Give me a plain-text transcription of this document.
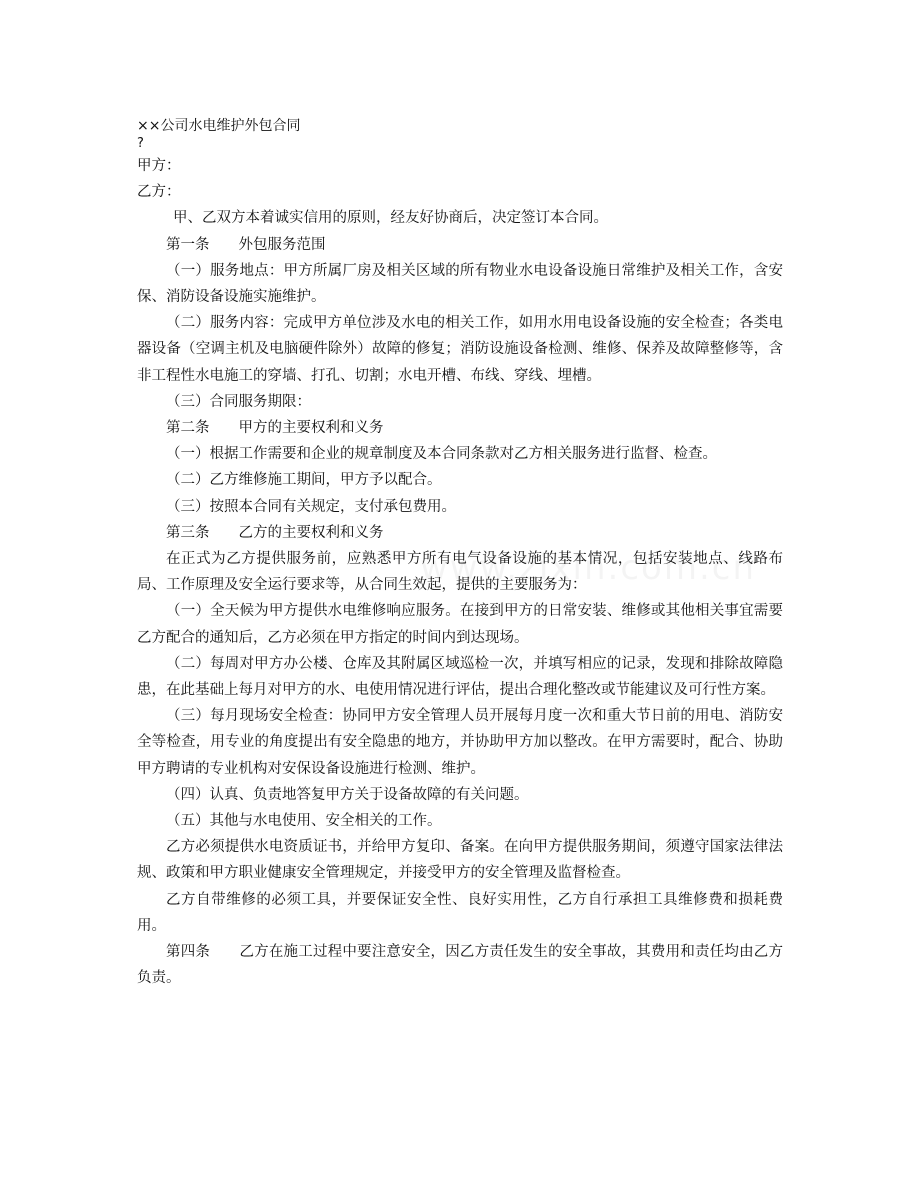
××公司水电维护外包合同
?

甲方：

乙方：

甲、乙双方本着诚实信用的原则，经友好协商后，决定签订本合同。

第一条　　外包服务范围

（一）服务地点：甲方所属厂房及相关区域的所有物业水电设备设施日常维护及相关工作，含安保、消防设备设施实施维护。

（二）服务内容：完成甲方单位涉及水电的相关工作，如用水用电设备设施的安全检查；各类电器设备（空调主机及电脑硬件除外）故障的修复；消防设施设备检测、维修、保养及故障整修等，含非工程性水电施工的穿墙、打孔、切割；水电开槽、布线、穿线、埋槽。

（三）合同服务期限：

第二条　　甲方的主要权利和义务

（一）根据工作需要和企业的规章制度及本合同条款对乙方相关服务进行监督、检查。

（二）乙方维修施工期间，甲方予以配合。

（三）按照本合同有关规定，支付承包费用。

第三条　　乙方的主要权利和义务

在正式为乙方提供服务前，应熟悉甲方所有电气设备设施的基本情况，包括安装地点、线路布局、工作原理及安全运行要求等，从合同生效起，提供的主要服务为：

（一）全天候为甲方提供水电维修响应服务。在接到甲方的日常安装、维修或其他相关事宜需要乙方配合的通知后，乙方必须在甲方指定的时间内到达现场。

（二）每周对甲方办公楼、仓库及其附属区域巡检一次，并填写相应的记录，发现和排除故障隐患，在此基础上每月对甲方的水、电使用情况进行评估，提出合理化整改或节能建议及可行性方案。

（三）每月现场安全检查：协同甲方安全管理人员开展每月度一次和重大节日前的用电、消防安全等检查，用专业的角度提出有安全隐患的地方，并协助甲方加以整改。在甲方需要时，配合、协助甲方聘请的专业机构对安保设备设施进行检测、维护。

（四）认真、负责地答复甲方关于设备故障的有关问题。

（五）其他与水电使用、安全相关的工作。

乙方必须提供水电资质证书，并给甲方复印、备案。在向甲方提供服务期间，须遵守国家法律法规、政策和甲方职业健康安全管理规定，并接受甲方的安全管理及监督检查。

乙方自带维修的必须工具，并要保证安全性、良好实用性，乙方自行承担工具维修费和损耗费用。

第四条　　乙方在施工过程中要注意安全，因乙方责任发生的安全事故，其费用和责任均由乙方负责。
